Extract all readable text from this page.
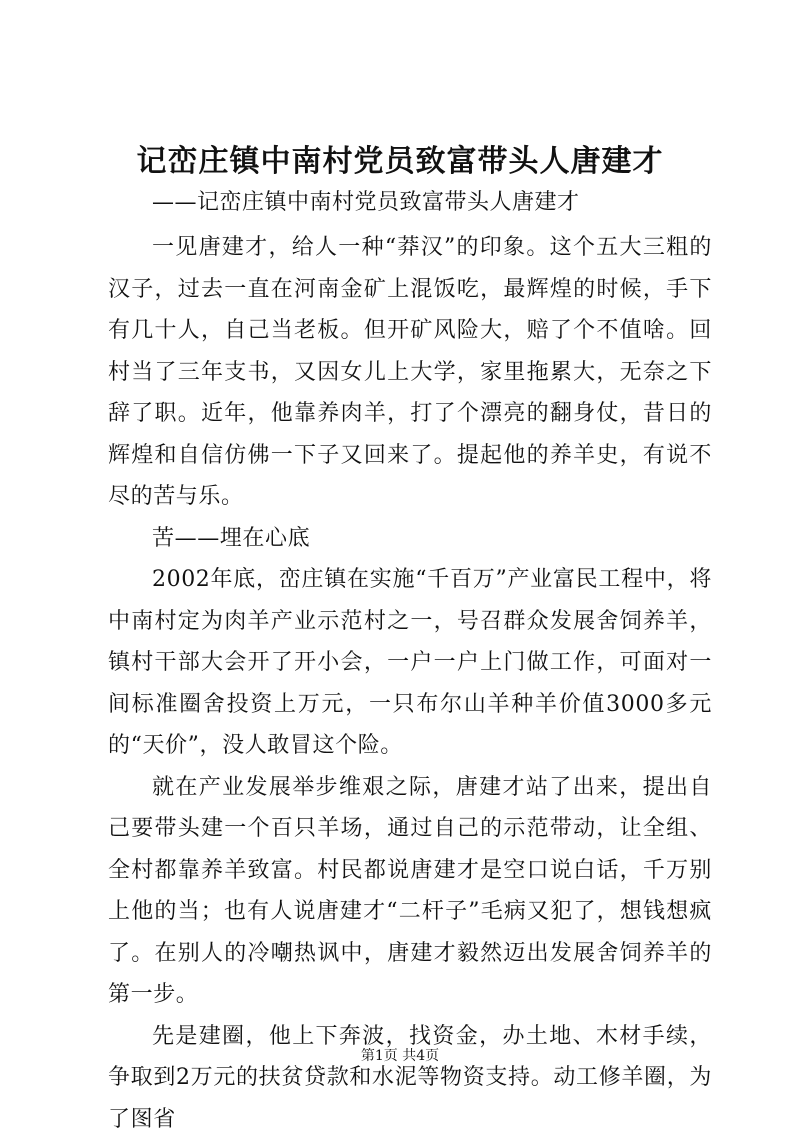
记峦庄镇中南村党员致富带头人唐建才
——记峦庄镇中南村党员致富带头人唐建才

一见唐建才，给人一种“莽汉”的印象。这个五大三粗的汉子，过去一直在河南金矿上混饭吃，最辉煌的时候，手下有几十人，自己当老板。但开矿风险大，赔了个不值啥。回村当了三年支书，又因女儿上大学，家里拖累大，无奈之下辞了职。近年，他靠养肉羊，打了个漂亮的翻身仗，昔日的辉煌和自信仿佛一下子又回来了。提起他的养羊史，有说不尽的苦与乐。

苦——埋在心底

2002年底，峦庄镇在实施“千百万”产业富民工程中，将中南村定为肉羊产业示范村之一，号召群众发展舍饲养羊，镇村干部大会开了开小会，一户一户上门做工作，可面对一间标准圈舍投资上万元，一只布尔山羊种羊价值3000多元的“天价”，没人敢冒这个险。

就在产业发展举步维艰之际，唐建才站了出来，提出自己要带头建一个百只羊场，通过自己的示范带动，让全组、全村都靠养羊致富。村民都说唐建才是空口说白话，千万别上他的当；也有人说唐建才“二杆子”毛病又犯了，想钱想疯了。在别人的冷嘲热讽中，唐建才毅然迈出发展舍饲养羊的第一步。

先是建圈，他上下奔波，找资金，办土地、木材手续，争取到2万元的扶贫贷款和水泥等物资支持。动工修羊圈，为了图省

第1页 共4页
